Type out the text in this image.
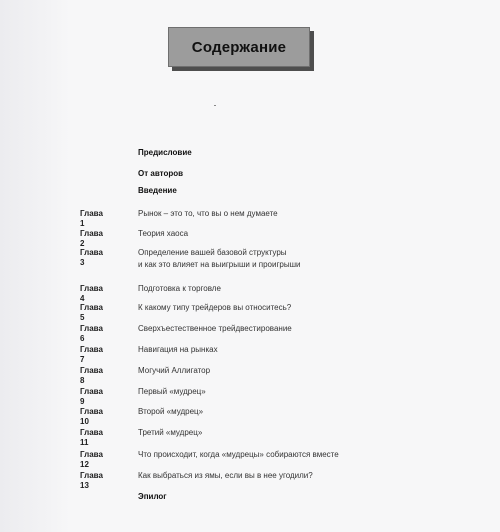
Содержание
Предисловие
От авторов
Введение
Глава 1
Рынок – это то, что вы о нем думаете
Глава 2
Теория хаоса
Глава 3
Определение вашей базовой структуры
и как это влияет на выигрыши и проигрыши
Глава 4
Подготовка к торговле
Глава 5
К какому типу трейдеров вы относитесь?
Глава 6
Сверхъестественное трейдвестирование
Глава 7
Навигация на рынках
Глава 8
Могучий Аллигатор
Глава 9
Первый «мудрец»
Глава 10
Второй «мудрец»
Глава 11
Третий «мудрец»
Глава 12
Что происходит, когда «мудрецы» собираются вместе
Глава 13
Как выбраться из ямы, если вы в нее угодили?
Эпилог
